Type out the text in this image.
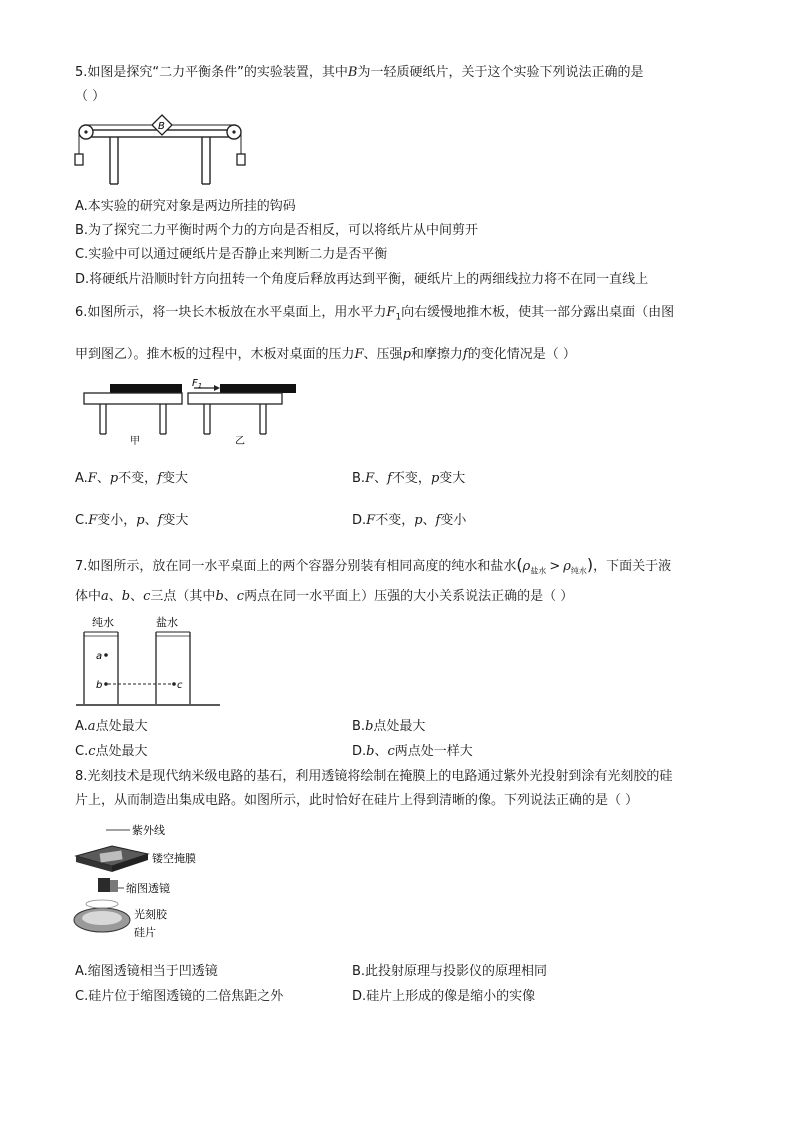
5.如图是探究“二力平衡条件”的实验装置，其中B为一轻质硬纸片，关于这个实验下列说法正确的是
（ ）
B
A.本实验的研究对象是两边所挂的钩码
B.为了探究二力平衡时两个力的方向是否相反，可以将纸片从中间剪开
C.实验中可以通过硬纸片是否静止来判断二力是否平衡
D.将硬纸片沿顺时针方向扭转一个角度后释放再达到平衡，硬纸片上的两细线拉力将不在同一直线上
6.如图所示，将一块长木板放在水平桌面上，用水平力$F_1$向右缓慢地推木板，使其一部分露出桌面（由图
甲到图乙）。推木板的过程中，木板对桌面的压力F、压强p和摩擦力f的变化情况是（ ）
甲
$F_1$
乙
A.F、p不变，f变大	B.F、f不变，p变大
C.F变小，p、f变大	D.F不变，p、f变小
7.如图所示，放在同一水平桌面上的两个容器分别装有相同高度的纯水和盐水$(\rho_{盐水} > \rho_{纯水})$，下面关于液
体中a、b、c三点（其中b、c两点在同一水平面上）压强的大小关系说法正确的是（ ）
纯水	盐水
a
b	c
A.a点处最大	B.b点处最大
C.c点处最大	D.b、c两点处一样大
8.光刻技术是现代纳米级电路的基石，利用透镜将绘制在掩膜上的电路通过紫外光投射到涂有光刻胶的硅
片上，从而制造出集成电路。如图所示，此时恰好在硅片上得到清晰的像。下列说法正确的是（ ）
紫外线
镂空掩膜
缩图透镜
光刻胶
硅片
A.缩图透镜相当于凹透镜	B.此投射原理与投影仪的原理相同
C.硅片位于缩图透镜的二倍焦距之外	D.硅片上形成的像是缩小的实像
